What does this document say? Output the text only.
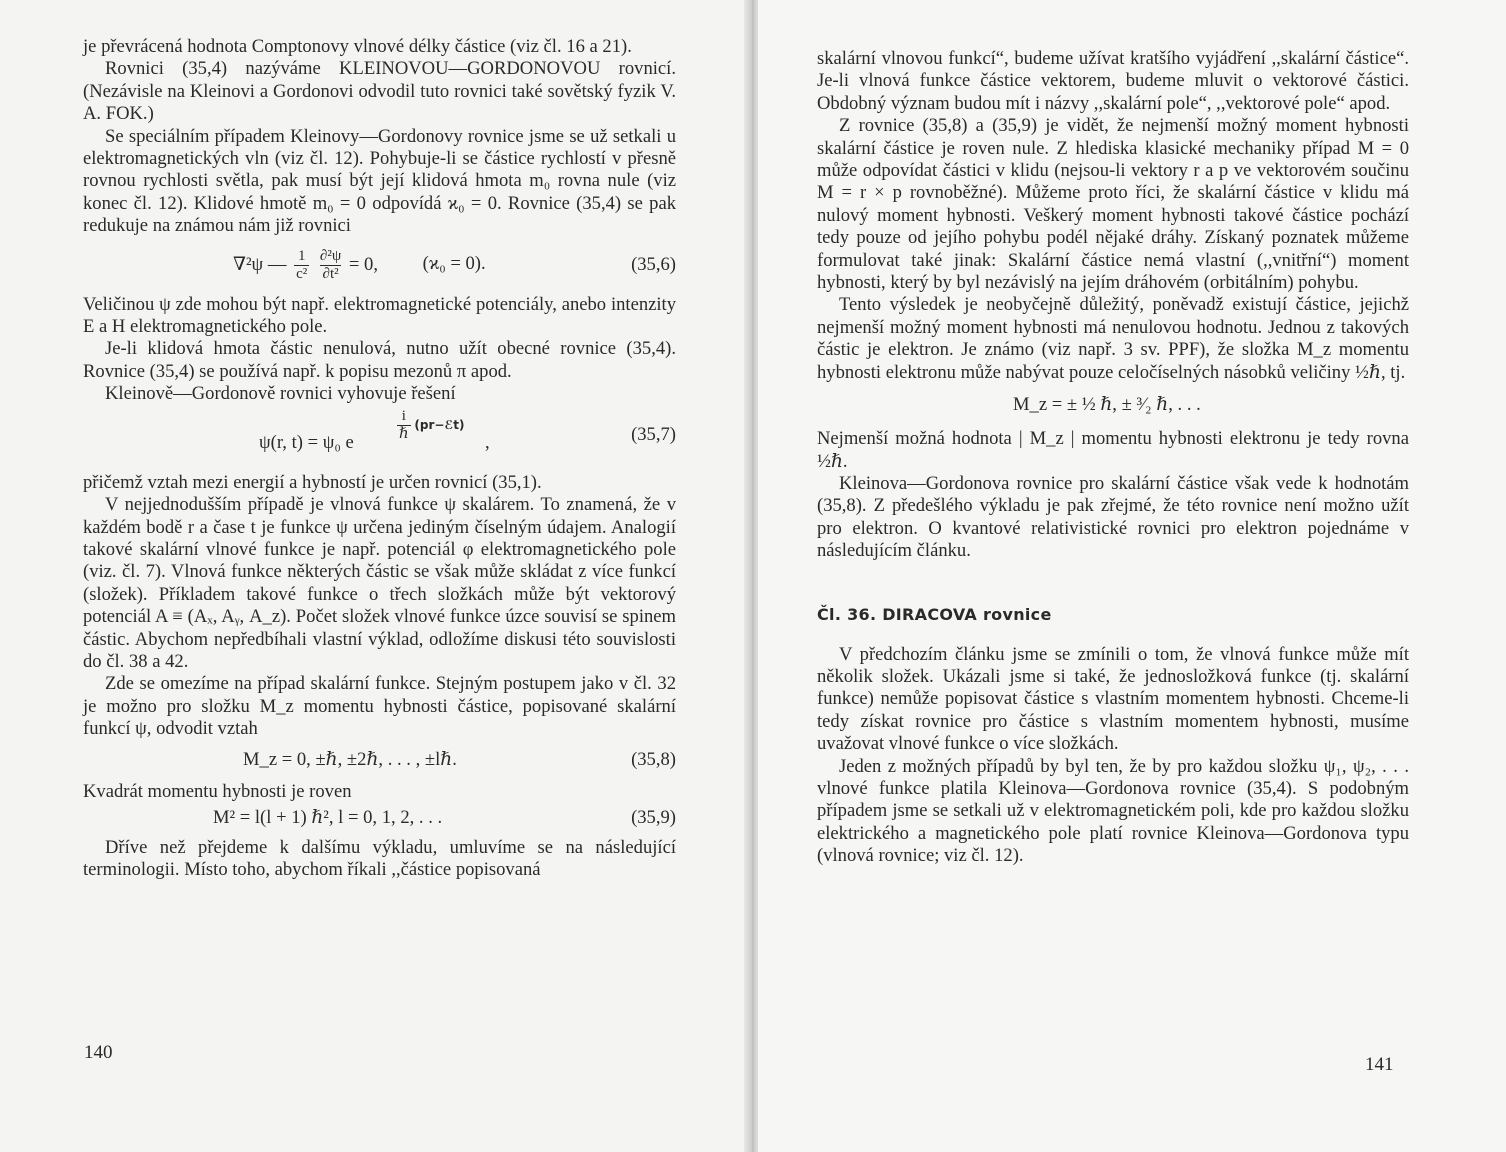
je převrácená hodnota Comptonovy vlnové délky částice (viz čl. 16 a 21).

Rovnici (35,4) nazýváme KLEINOVOU—GORDONOVOU rovnicí. (Nezávisle na Kleinovi a Gordonovi odvodil tuto rovnici také sovětský fyzik V. A. FOK.)

Se speciálním případem Kleinovy—Gordonovy rovnice jsme se už setkali u elektromagnetických vln (viz čl. 12). Pohybuje-li se částice rychlostí v přesně rovnou rychlosti světla, pak musí být její klidová hmota m₀ rovna nule (viz konec čl. 12). Klidové hmotě m₀ = 0 odpovídá ϰ₀ = 0. Rovnice (35,4) se pak redukuje na známou nám již rovnici

∇²ψ — $\frac{1}{\text{c²}}$
$\frac{\text{∂²ψ}}{\text{∂t²}} = 0$, (ϰ₀ = 0).	(35,6)

Veličinou ψ zde mohou být např. elektromagnetické potenciály, anebo intenzity E a H elektromagnetického pole.

Je-li klidová hmota částic nenulová, nutno užít obecné rovnice (35,4). Rovnice (35,4) se používá např. k popisu mezonů π apod.

Kleinově—Gordonově rovnici vyhovuje řešení

ψ(r, t) = ψ₀ e	$\frac{i}{\text{ℏ}}$ (pr−ℰt)
,	(35,7)

přičemž vztah mezi energií a hybností je určen rovnicí (35,1).

V nejjednodušším případě je vlnová funkce ψ skalárem. To znamená, že v každém bodě r a čase t je funkce ψ určena jediným číselným údajem. Analogií takové skalární vlnové funkce je např. potenciál φ elektromagnetického pole (viz. čl. 7). Vlnová funkce některých částic se však může skládat z více funkcí (složek). Příkladem takové funkce o třech složkách může být vektorový potenciál A ≡ (Aₓ, Aᵧ, A_z). Počet složek vlnové funkce úzce souvisí se spinem částic. Abychom nepředbíhali vlastní výklad, odložíme diskusi této souvislosti do čl. 38 a 42.

Zde se omezíme na případ skalární funkce. Stejným postupem jako v čl. 32 je možno pro složku M_z momentu hybnosti částice, popisované skalární funkcí ψ, odvodit vztah

M_z = 0, ±ℏ, ±2ℏ, . . . , ±lℏ.	(35,8)

Kvadrát momentu hybnosti je roven

M² = l(l + 1) ℏ², l = 0, 1, 2, . . .	(35,9)

Dříve než přejdeme k dalšímu výkladu, umluvíme se na následující terminologii. Místo toho, abychom říkali ,,částice popisovaná

140

skalární vlnovou funkcí“, budeme užívat kratšího vyjádření ,,skalární částice“. Je-li vlnová funkce částice vektorem, budeme mluvit o vektorové částici. Obdobný význam budou mít i názvy ,,skalární pole“, ,,vektorové pole“ apod.

Z rovnice (35,8) a (35,9) je vidět, že nejmenší možný moment hybnosti skalární částice je roven nule. Z hlediska klasické mechaniky případ M = 0 může odpovídat částici v klidu (nejsou-li vektory r a p ve vektorovém součinu M = r × p rovnoběžné). Můžeme proto říci, že skalární částice v klidu má nulový moment hybnosti. Veškerý moment hybnosti takové částice pochází tedy pouze od jejího pohybu podél nějaké dráhy. Získaný poznatek můžeme formulovat také jinak: Skalární částice nemá vlastní (,,vnitřní“) moment hybnosti, který by byl nezávislý na jejím dráhovém (orbitálním) pohybu.

Tento výsledek je neobyčejně důležitý, poněvadž existují částice, jejichž nejmenší možný moment hybnosti má nenulovou hodnotu. Jednou z takových částic je elektron. Je známo (viz např. 3 sv. PPF), že složka M_z momentu hybnosti elektronu může nabývat pouze celočíselných násobků veličiny ½ℏ, tj.

M_z = ± ½ ℏ, ± ³⁄₂ ℏ, . . .

Nejmenší možná hodnota | M_z | momentu hybnosti elektronu je tedy rovna ½ℏ.

Kleinova—Gordonova rovnice pro skalární částice však vede k hodnotám (35,8). Z předešlého výkladu je pak zřejmé, že této rovnice není možno užít pro elektron. O kvantové relativistické rovnici pro elektron pojednáme v následujícím článku.

Čl. 36. DIRACOVA rovnice

V předchozím článku jsme se zmínili o tom, že vlnová funkce může mít několik složek. Ukázali jsme si také, že jednosložková funkce (tj. skalární funkce) nemůže popisovat částice s vlastním momentem hybnosti. Chceme-li tedy získat rovnice pro částice s vlastním momentem hybnosti, musíme uvažovat vlnové funkce o více složkách.

Jeden z možných případů by byl ten, že by pro každou složku ψ₁, ψ₂, . . . vlnové funkce platila Kleinova—Gordonova rovnice (35,4). S podobným případem jsme se setkali už v elektromagnetickém poli, kde pro každou složku elektrického a magnetického pole platí rovnice Kleinova—Gordonova typu (vlnová rovnice; viz čl. 12).

141
